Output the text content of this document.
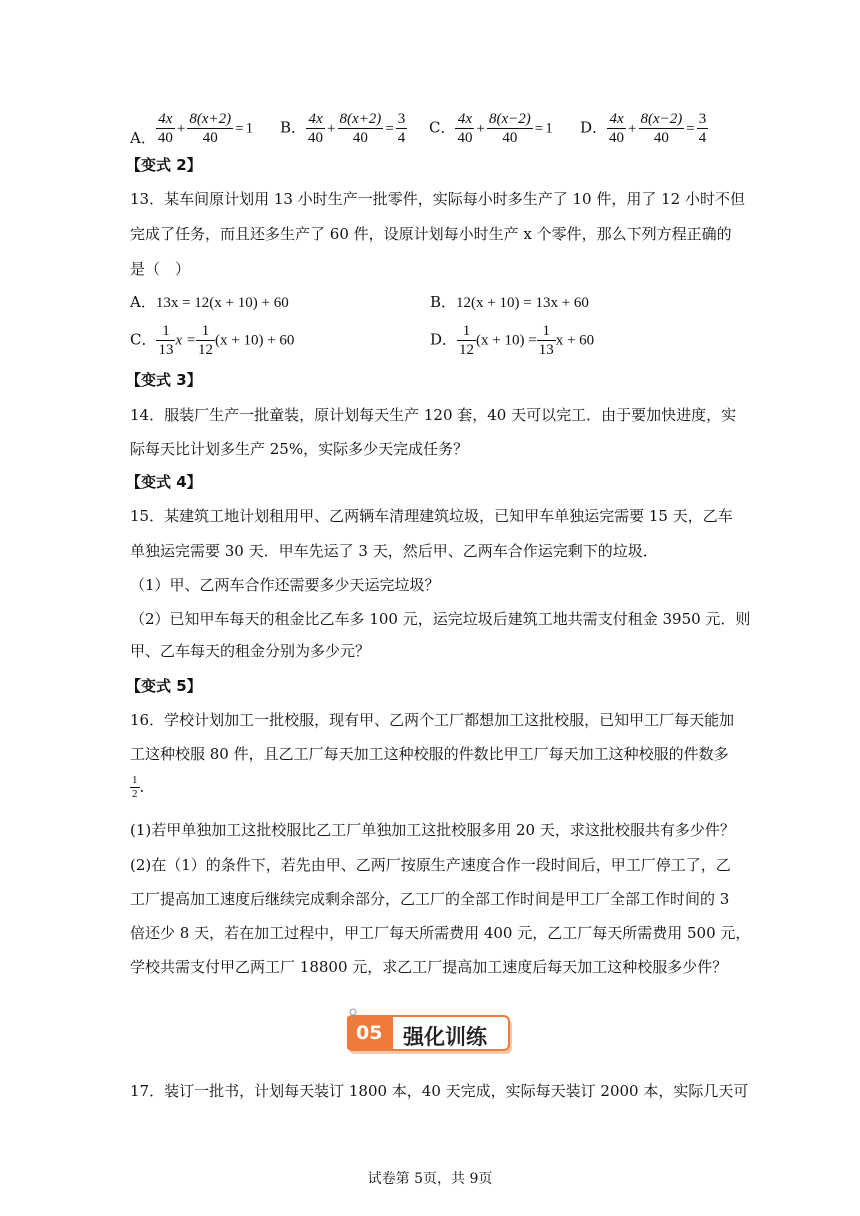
A． $\frac{4x}{40} + \frac{8(x+2)}{40} = 1$ B． $\frac{4x}{40} + \frac{8(x+2)}{40} = \frac{3}{4}$ C． $\frac{4x}{40} + \frac{8(x-2)}{40} = 1$ D． $\frac{4x}{40} + \frac{8(x-2)}{40} = \frac{3}{4}$
【变式 2】
13．某车间原计划用 13 小时生产一批零件，实际每小时多生产了 10 件，用了 12 小时不但
完成了任务，而且还多生产了 60 件，设原计划每小时生产 x 个零件，那么下列方程正确的
是（　）
A．13x = 12(x + 10) + 60	B．12(x + 10) = 13x + 60
C． $\frac{1}{13}$ $x = \frac{1}{12} (x + 10) + 60$	D． $\frac{1}{12} (x + 10) = \frac{1}{13}$ x + 60
【变式 3】
14．服装厂生产一批童装，原计划每天生产 120 套，40 天可以完工．由于要加快进度，实
际每天比计划多生产 25%，实际多少天完成任务？
【变式 4】
15．某建筑工地计划租用甲、乙两辆车清理建筑垃圾，已知甲车单独运完需要 15 天，乙车
单独运完需要 30 天．甲车先运了 3 天，然后甲、乙两车合作运完剩下的垃圾．
（1）甲、乙两车合作还需要多少天运完垃圾？
（2）已知甲车每天的租金比乙车多 100 元，运完垃圾后建筑工地共需支付租金 3950 元．则
甲、乙车每天的租金分别为多少元？
【变式 5】
16．学校计划加工一批校服，现有甲、乙两个工厂都想加工这批校服，已知甲工厂每天能加
工这种校服 80 件，且乙工厂每天加工这种校服的件数比甲工厂每天加工这种校服的件数多
$\frac{1}{2}$ ．
(1)若甲单独加工这批校服比乙工厂单独加工这批校服多用 20 天，求这批校服共有多少件？
(2)在（1）的条件下，若先由甲、乙两厂按原生产速度合作一段时间后，甲工厂停工了，乙
工厂提高加工速度后继续完成剩余部分，乙工厂的全部工作时间是甲工厂全部工作时间的 3
倍还少 8 天，若在加工过程中，甲工厂每天所需费用 400 元，乙工厂每天所需费用 500 元，
学校共需支付甲乙两工厂 18800 元，求乙工厂提高加工速度后每天加工这种校服多少件？
05 强化训练
17．装订一批书，计划每天装订 1800 本，40 天完成，实际每天装订 2000 本，实际几天可
试卷第 5页，共 9页
